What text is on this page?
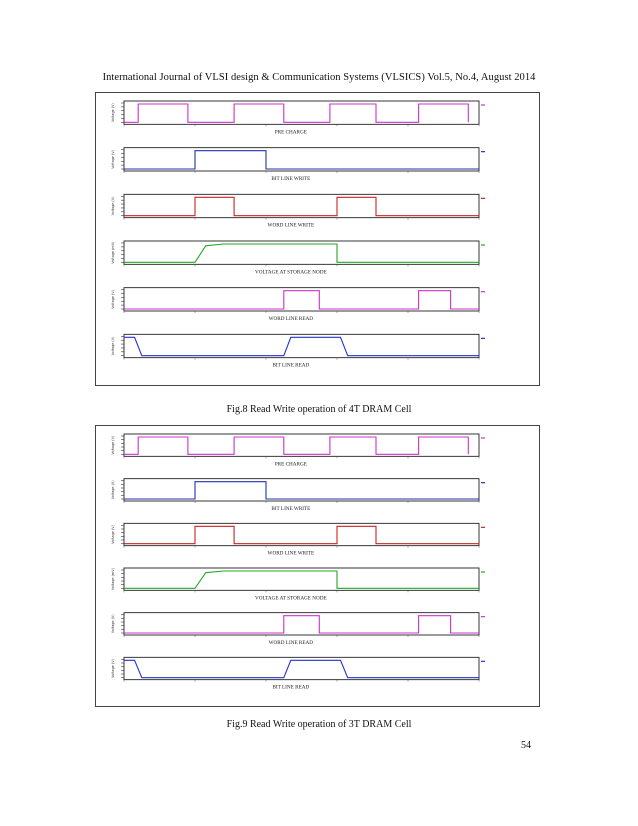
International Journal of VLSI design & Communication Systems (VLSICS) Vol.5, No.4, August 2014
Voltage (V)
PRE CHARGE
Voltage (V)
BIT LINE WRITE
Voltage (V)
WORD LINE WRITE
Voltage (mV)
VOLTAGE AT STORAGE NODE
Voltage (V)
WORD LINE READ
Voltage (V)
BIT LINE READ
Fig.8 Read Write operation of 4T DRAM Cell
Voltage (V)
PRE CHARGE
Voltage (V)
BIT LINE WRITE
Voltage (V)
WORD LINE WRITE
Voltage (mV)
VOLTAGE AT STORAGE NODE
Voltage (V)
WORD LINE READ
Voltage (V)
BIT LINE READ
Fig.9 Read Write operation of 3T DRAM Cell
54
